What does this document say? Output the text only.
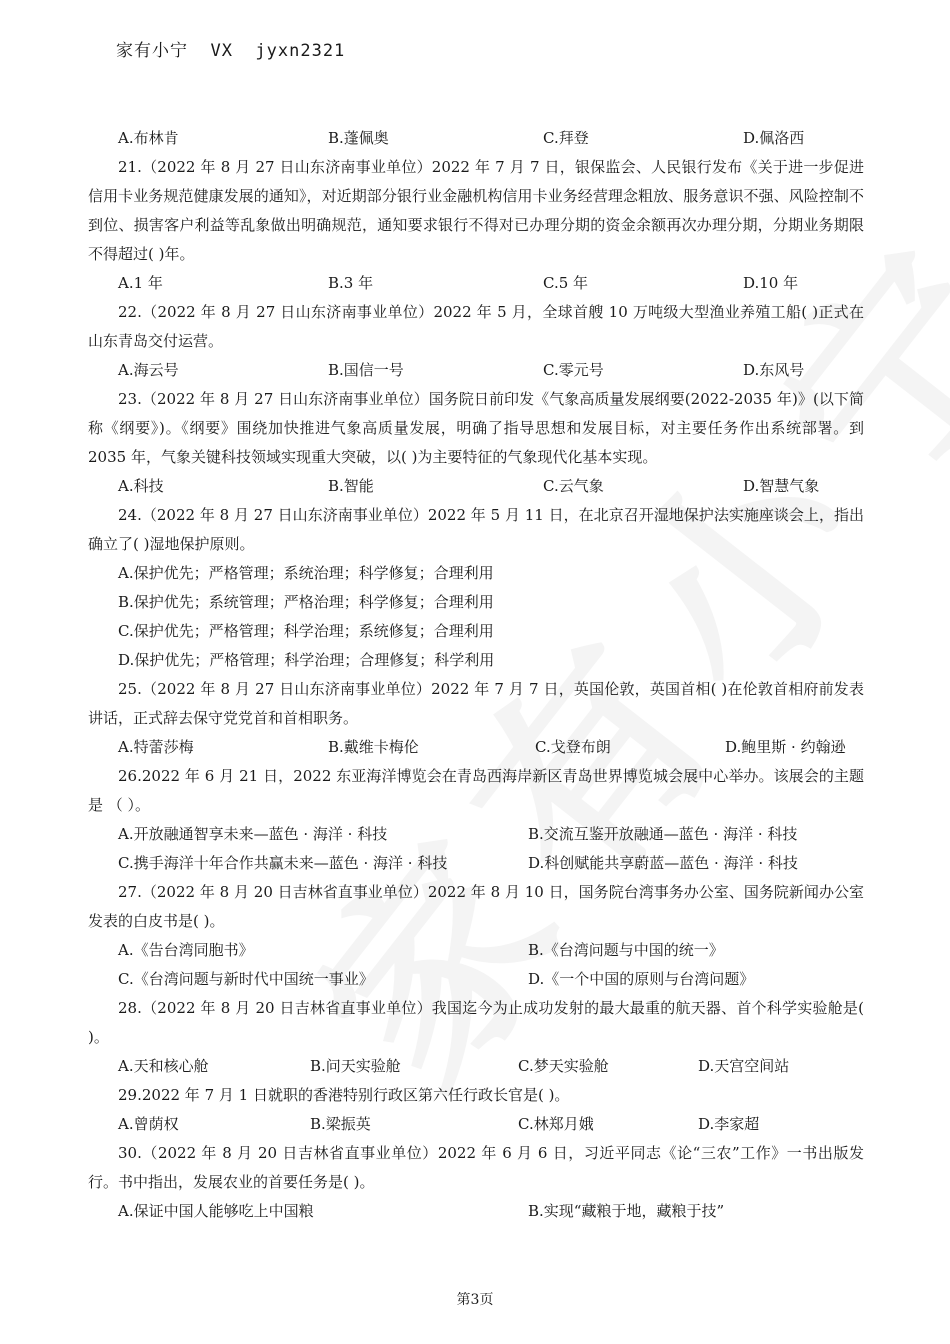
家有小宁  VX  jyxn2321
A.布林肯	B.蓬佩奥	C.拜登	D.佩洛西

21.（2022 年 8 月 27 日山东济南事业单位）2022 年 7 月 7 日，银保监会、人民银行发布《关于进一步促进信用卡业务规范健康发展的通知》，对近期部分银行业金融机构信用卡业务经营理念粗放、服务意识不强、风险控制不到位、损害客户利益等乱象做出明确规范，通知要求银行不得对已办理分期的资金余额再次办理分期，分期业务期限不得超过( )年。

A.1 年	B.3 年	C.5 年	D.10 年

22.（2022 年 8 月 27 日山东济南事业单位）2022 年 5 月，全球首艘 10 万吨级大型渔业养殖工船( )正式在山东青岛交付运营。

A.海云号	B.国信一号	C.零元号	D.东风号

23.（2022 年 8 月 27 日山东济南事业单位）国务院日前印发《气象高质量发展纲要(2022-2035 年)》(以下简称《纲要》)。《纲要》围绕加快推进气象高质量发展，明确了指导思想和发展目标，对主要任务作出系统部署。到 2035 年，气象关键科技领域实现重大突破，以( )为主要特征的气象现代化基本实现。

A.科技	B.智能	C.云气象	D.智慧气象

24.（2022 年 8 月 27 日山东济南事业单位）2022 年 5 月 11 日，在北京召开湿地保护法实施座谈会上，指出确立了( )湿地保护原则。

A.保护优先；严格管理；系统治理；科学修复；合理利用

B.保护优先；系统管理；严格治理；科学修复；合理利用

C.保护优先；严格管理；科学治理；系统修复；合理利用

D.保护优先；严格管理；科学治理；合理修复；科学利用

25.（2022 年 8 月 27 日山东济南事业单位）2022 年 7 月 7 日，英国伦敦，英国首相( )在伦敦首相府前发表讲话，正式辞去保守党党首和首相职务。

A.特蕾莎梅	B.戴维卡梅伦	C.戈登布朗	D.鲍里斯 · 约翰逊

26.2022 年 6 月 21 日，2022 东亚海洋博览会在青岛西海岸新区青岛世界博览城会展中心举办。该展会的主题是 （ ）。

A.开放融通智享未来—蓝色 · 海洋 · 科技	B.交流互鉴开放融通—蓝色 · 海洋 · 科技
C.携手海洋十年合作共赢未来—蓝色 · 海洋 · 科技	D.科创赋能共享蔚蓝—蓝色 · 海洋 · 科技

27.（2022 年 8 月 20 日吉林省直事业单位）2022 年 8 月 10 日，国务院台湾事务办公室、国务院新闻办公室发表的白皮书是( )。

A.《告台湾同胞书》	B.《台湾问题与中国的统一》
C.《台湾问题与新时代中国统一事业》	D.《一个中国的原则与台湾问题》

28.（2022 年 8 月 20 日吉林省直事业单位）我国迄今为止成功发射的最大最重的航天器、首个科学实验舱是( )。

A.天和核心舱	B.问天实验舱	C.梦天实验舱	D.天宫空间站

29.2022 年 7 月 1 日就职的香港特别行政区第六任行政长官是( )。

A.曾荫权	B.梁振英	C.林郑月娥	D.李家超

30.（2022 年 8 月 20 日吉林省直事业单位）2022 年 6 月 6 日，习近平同志《论“三农”工作》一书出版发行。书中指出，发展农业的首要任务是( )。

A.保证中国人能够吃上中国粮	B.实现“藏粮于地，藏粮于技”
第3页
